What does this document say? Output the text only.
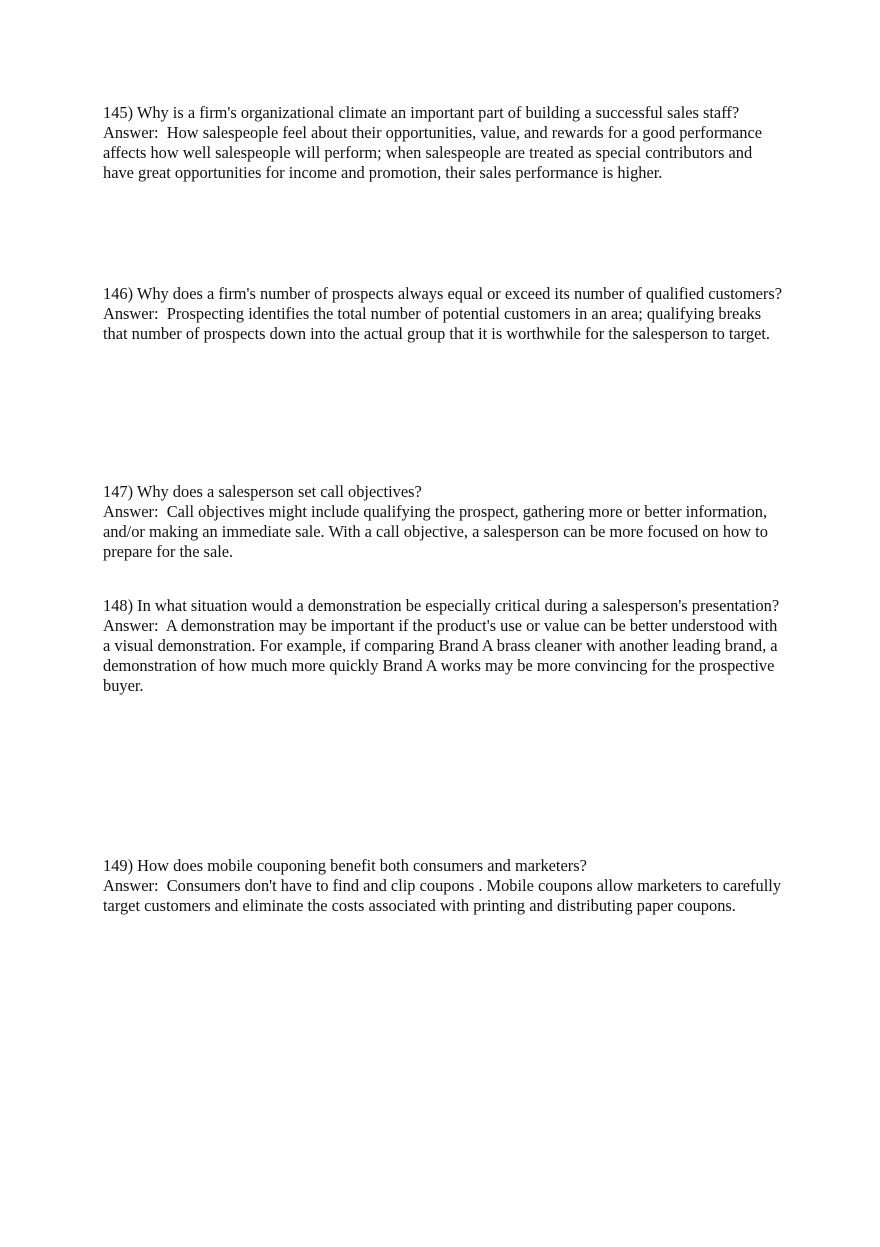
145) Why is a firm's organizational climate an important part of building a successful sales staff?

Answer:  How salespeople feel about their opportunities, value, and rewards for a good performance affects how well salespeople will perform; when salespeople are treated as special contributors and have great opportunities for income and promotion, their sales performance is higher.

146) Why does a firm's number of prospects always equal or exceed its number of qualified customers?

Answer:  Prospecting identifies the total number of potential customers in an area; qualifying breaks that number of prospects down into the actual group that it is worthwhile for the salesperson to target.

147) Why does a salesperson set call objectives?

Answer:  Call objectives might include qualifying the prospect, gathering more or better information, and/or making an immediate sale. With a call objective, a salesperson can be more focused on how to prepare for the sale.

148) In what situation would a demonstration be especially critical during a salesperson's presentation?

Answer:  A demonstration may be important if the product's use or value can be better understood with a visual demonstration. For example, if comparing Brand A brass cleaner with another leading brand, a demonstration of how much more quickly Brand A works may be more convincing for the prospective buyer.

149) How does mobile couponing benefit both consumers and marketers?

Answer:  Consumers don't have to find and clip coupons . Mobile coupons allow marketers to carefully target customers and eliminate the costs associated with printing and distributing paper coupons.
